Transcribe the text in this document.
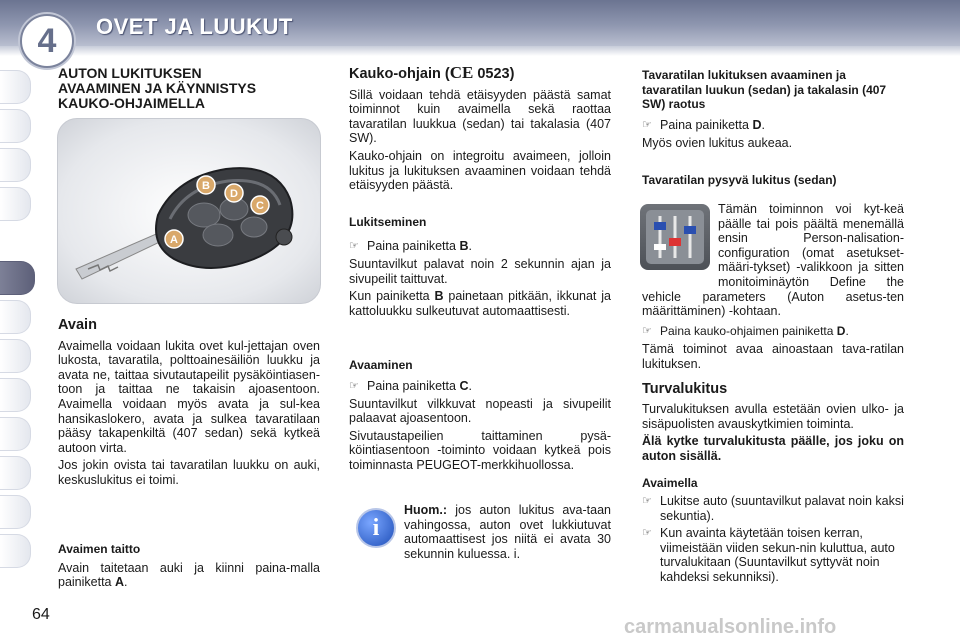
4	OVET JA LUUKUT
64
AUTON LUKITUKSEN
AVAAMINEN JA KÄYNNISTYS
KAUKO-OHJAIMELLA
B
D
C
A
Avain

Avaimella voidaan lukita ovet kul-jettajan oven lukosta, tavaratila, polttoainesäiliön luukku ja avata ne, taittaa sivutautapeilit pysäköintiasen-toon ja taittaa ne takaisin ajoasentoon. Avaimella voidaan myös avata ja sul-kea hansikaslokero, avata ja sulkea tavaratilaan pääsy takapenkiltä (407 sedan) sekä kytkeä autoon virta.

Jos jokin ovista tai tavaratilan luukku on auki, keskuslukitus ei toimi.

Avaimen taitto

Avain taitetaan auki ja kiinni paina-malla painiketta A.

Kauko-ohjain (CE 0523)

Sillä voidaan tehdä etäisyyden päästä samat toiminnot kuin avaimella sekä raottaa tavaratilan luukkua (sedan) tai takalasia (407 SW).

Kauko-ohjain on integroitu avaimeen, jolloin lukitus ja lukituksen avaaminen voidaan tehdä etäisyyden päästä.

Lukitseminen
☞ Paina painiketta B.

Suuntavilkut palavat noin 2 sekunnin ajan ja sivupeilit taittuvat.

Kun painiketta B painetaan pitkään, ikkunat ja kattoluukku sulkeutuvat automaattisesti.

Avaaminen
☞ Paina painiketta C.

Suuntavilkut vilkkuvat nopeasti ja sivupeilit palaavat ajoasentoon.

Sivutaustapeilien taittaminen pysä-köintiasentoon -toiminto voidaan kytkeä pois toiminnasta PEUGEOT-merkkihuollossa.

i

Huom.: jos auton lukitus ava-taan vahingossa, auton ovet lukkiutuvat automaattisest jos niitä ei avata 30 sekunnin kuluessa. i.

Tavaratilan lukituksen avaaminen ja tavaratilan luukun (sedan) ja takalasin (407 SW) raotus
☞ Paina painiketta D.

Myös ovien lukitus aukeaa.

Tavaratilan pysyvä lukitus (sedan)

Tämän toiminnon voi kyt-keä päälle tai pois päältä menemällä ensin Person-nalisation-configuration (omat asetukset-määri-tykset) -valikkoon ja sitten monitoiminäytön Define the vehicle parameters (Auton asetus-ten määrittäminen) -kohtaan.

☞ Paina kauko-ohjaimen painiketta D.

Tämä toiminot avaa ainoastaan tava-ratilan lukituksen.

Turvalukitus

Turvalukituksen avulla estetään ovien ulko- ja sisäpuolisten avauskytkimien toiminta.

Älä kytke turvalukitusta päälle, jos joku on auton sisällä.

Avaimella
☞ Lukitse auto (suuntavilkut palavat noin kaksi sekuntia).
☞ Kun avainta käytetään toisen kerran, viimeistään viiden sekun-nin kuluttua, auto turvalukitaan (Suuntavilkut syttyvät noin kahdeksi sekunniksi).
carmanualsonline.info
